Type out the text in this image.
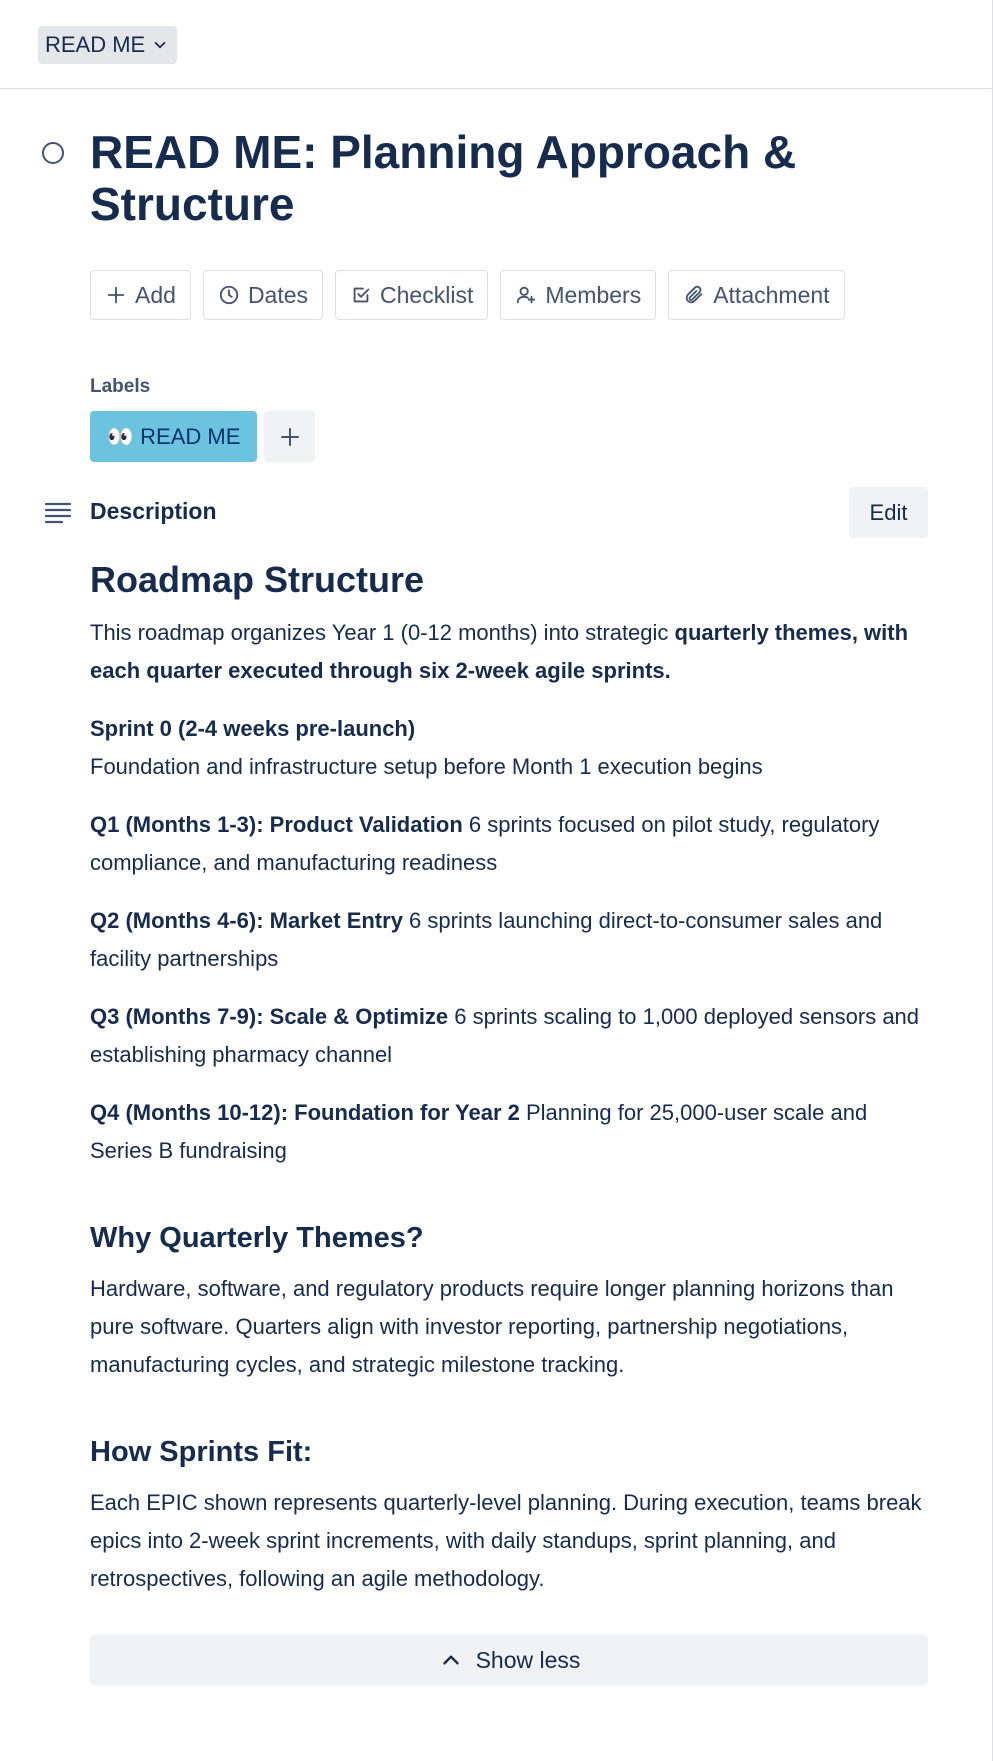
READ ME
READ ME: Planning Approach & Structure
Add	Dates	Checklist	Members	Attachment
Labels
👀 READ ME
Description	Edit
Roadmap Structure

This roadmap organizes Year 1 (0-12 months) into strategic quarterly themes, with each quarter executed through six 2-week agile sprints.

Sprint 0 (2-4 weeks pre-launch)
Foundation and infrastructure setup before Month 1 execution begins

Q1 (Months 1-3): Product Validation 6 sprints focused on pilot study, regulatory compliance, and manufacturing readiness

Q2 (Months 4-6): Market Entry 6 sprints launching direct-to-consumer sales and facility partnerships

Q3 (Months 7-9): Scale & Optimize 6 sprints scaling to 1,000 deployed sensors and establishing pharmacy channel

Q4 (Months 10-12): Foundation for Year 2 Planning for 25,000-user scale and Series B fundraising

Why Quarterly Themes?

Hardware, software, and regulatory products require longer planning horizons than pure software. Quarters align with investor reporting, partnership negotiations, manufacturing cycles, and strategic milestone tracking.

How Sprints Fit:

Each EPIC shown represents quarterly-level planning. During execution, teams break epics into 2-week sprint increments, with daily standups, sprint planning, and retrospectives, following an agile methodology.

Show less
